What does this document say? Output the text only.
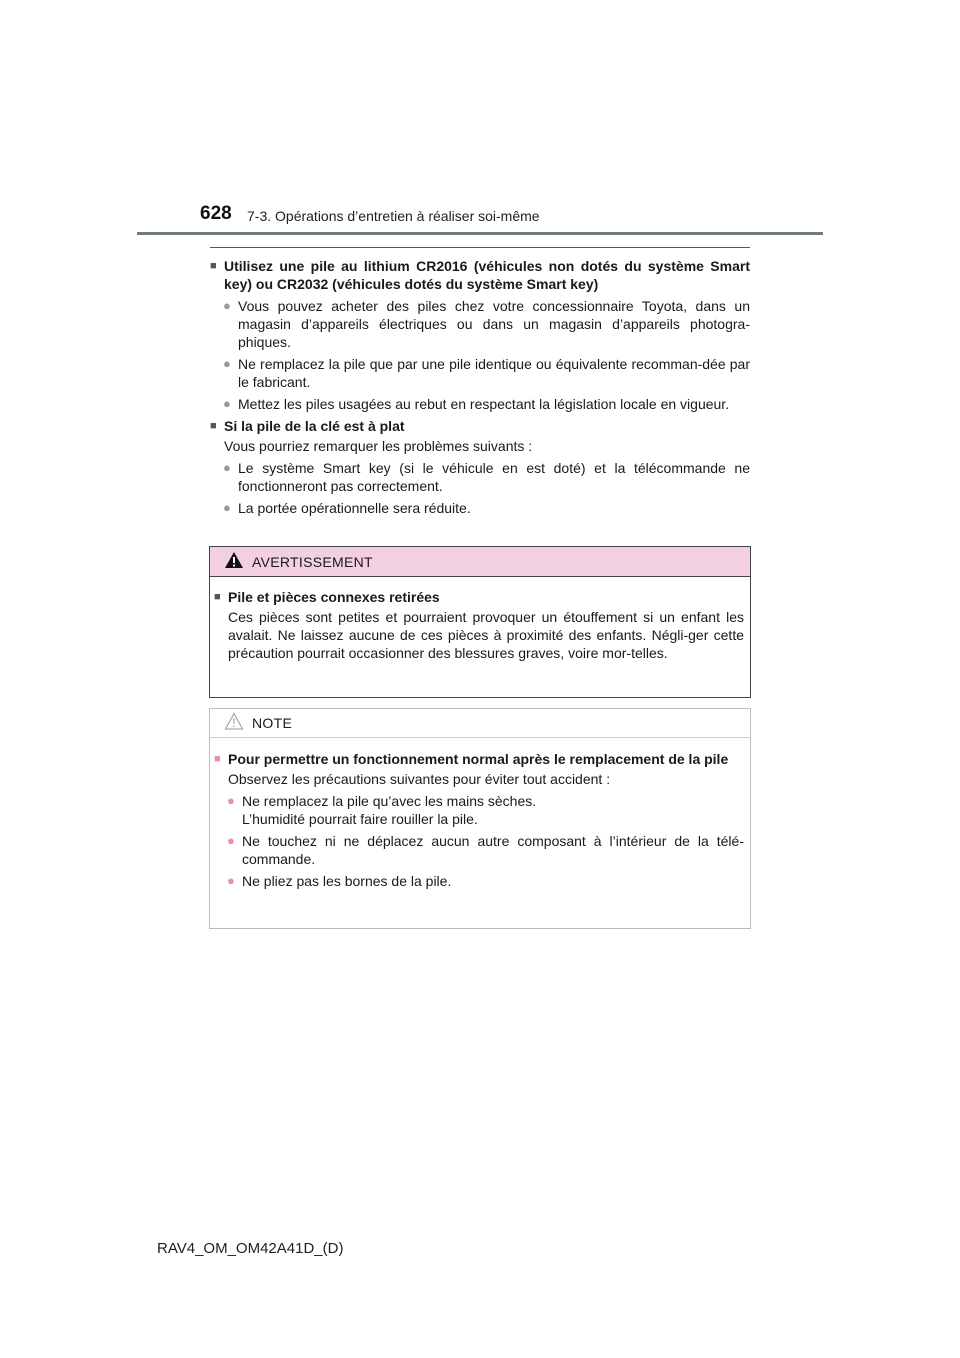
628 7-3. Opérations d’entretien à réaliser soi-même
■ Utilisez une pile au lithium CR2016 (véhicules non dotés du système Smart key) ou CR2032 (véhicules dotés du système Smart key)
● Vous pouvez acheter des piles chez votre concessionnaire Toyota, dans un magasin d’appareils électriques ou dans un magasin d’appareils photogra-phiques.
● Ne remplacez la pile que par une pile identique ou équivalente recomman-dée par le fabricant.
● Mettez les piles usagées au rebut en respectant la législation locale en vigueur.
■ Si la pile de la clé est à plat
Vous pourriez remarquer les problèmes suivants :
● Le système Smart key (si le véhicule en est doté) et la télécommande ne fonctionneront pas correctement.
● La portée opérationnelle sera réduite.
AVERTISSEMENT
■ Pile et pièces connexes retirées
Ces pièces sont petites et pourraient provoquer un étouffement si un enfant les avalait. Ne laissez aucune de ces pièces à proximité des enfants. Négli-ger cette précaution pourrait occasionner des blessures graves, voire mor-telles.
NOTE
■ Pour permettre un fonctionnement normal après le remplacement de la pile
Observez les précautions suivantes pour éviter tout accident :
● Ne remplacez la pile qu’avec les mains sèches.
L’humidité pourrait faire rouiller la pile.
● Ne touchez ni ne déplacez aucun autre composant à l’intérieur de la télé-commande.
● Ne pliez pas les bornes de la pile.
RAV4_OM_OM42A41D_(D)
